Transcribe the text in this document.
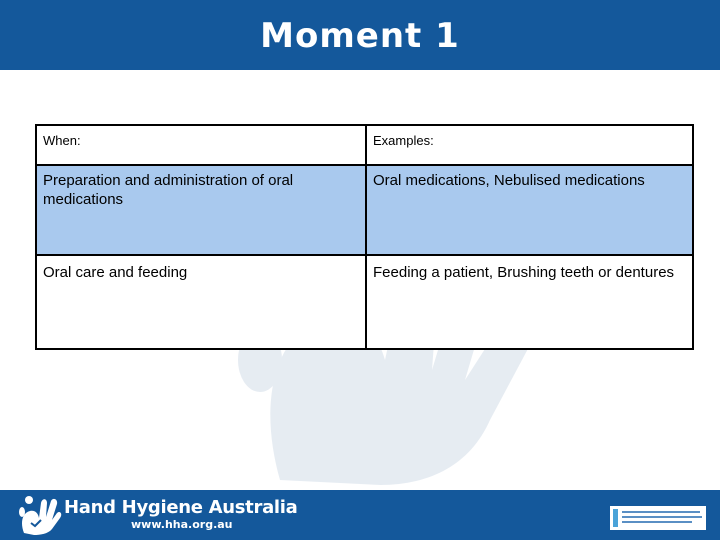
Moment 1
When:	Examples:
Preparation and administration of oral medications	Oral medications, Nebulised medications
Oral care and feeding	Feeding a patient, Brushing teeth or dentures
Hand Hygiene Australia
www.hha.org.au
